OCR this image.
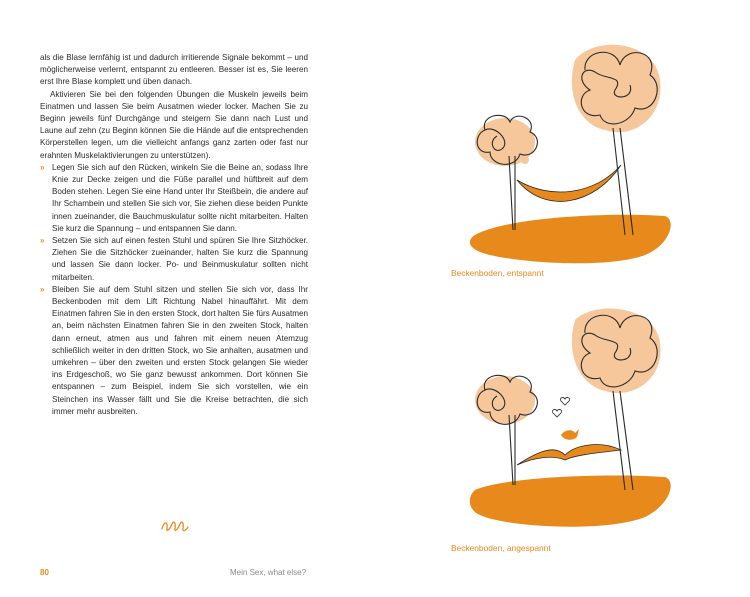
als die Blase lernfähig ist und dadurch irritierende Signale bekommt – und möglicherweise verlernt, entspannt zu entleeren. Besser ist es, Sie leeren erst Ihre Blase komplett und üben danach.

Aktivieren Sie bei den folgenden Übungen die Muskeln jeweils beim Einatmen und lassen Sie beim Ausatmen wieder locker. Machen Sie zu Beginn jeweils fünf Durchgänge und steigern Sie dann nach Lust und Laune auf zehn (zu Beginn können Sie die Hände auf die entsprechenden Körperstellen legen, um die vielleicht anfangs ganz zarten oder fast nur erahnten Muskelaktivierungen zu unterstützen).

» Legen Sie sich auf den Rücken, winkeln Sie die Beine an, sodass Ihre Knie zur Decke zeigen und die Füße parallel und hüftbreit auf dem Boden stehen. Legen Sie eine Hand unter Ihr Steißbein, die andere auf Ihr Schambein und stellen Sie sich vor, Sie ziehen diese beiden Punkte innen zueinander, die Bauchmuskulatur sollte nicht mitarbeiten. Halten Sie kurz die Spannung – und entspannen Sie dann.

» Setzen Sie sich auf einen festen Stuhl und spüren Sie Ihre Sitzhöcker. Ziehen Sie die Sitzhöcker zueinander, halten Sie kurz die Spannung und lassen Sie dann locker. Po- und Beinmuskulatur sollten nicht mitarbeiten.

» Bleiben Sie auf dem Stuhl sitzen und stellen Sie sich vor, dass Ihr Beckenboden mit dem Lift Richtung Nabel hinauffährt. Mit dem Einatmen fahren Sie in den ersten Stock, dort halten Sie fürs Ausatmen an, beim nächsten Einatmen fahren Sie in den zweiten Stock, halten dann erneut, atmen aus und fahren mit einem neuen Atemzug schließlich weiter in den dritten Stock, wo Sie anhalten, ausatmen und umkehren – über den zweiten und ersten Stock gelangen Sie wieder ins Erdgeschoß, wo Sie ganz bewusst ankommen. Dort können Sie entspannen – zum Beispiel, indem Sie sich vorstellen, wie ein Steinchen ins Wasser fällt und Sie die Kreise betrachten, die sich immer mehr ausbreiten.

80	Mein Sex, what else?
Beckenboden, entspannt
Beckenboden, angespannt
